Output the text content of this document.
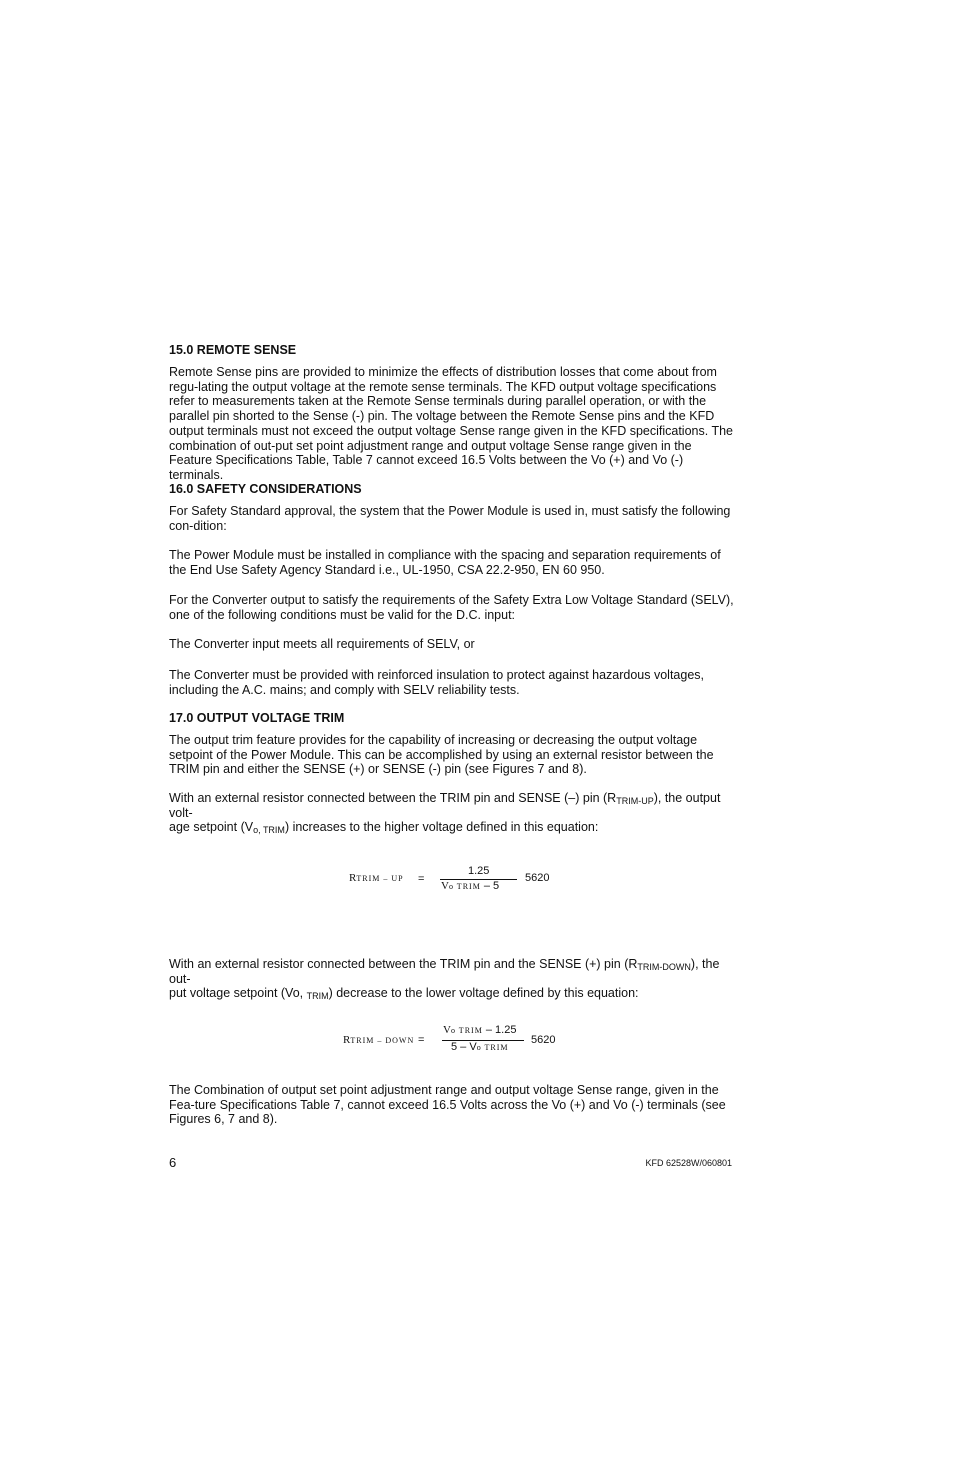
15.0 REMOTE SENSE

Remote Sense pins are provided to minimize the effects of distribution losses that come about from regu-lating the output voltage at the remote sense terminals. The KFD output voltage specifications refer to measurements taken at the Remote Sense terminals during parallel operation, or with the parallel pin shorted to the Sense (-) pin. The voltage between the Remote Sense pins and the KFD output terminals must not exceed the output voltage Sense range given in the KFD specifications. The combination of out-put set point adjustment range and output voltage Sense range given in the Feature Specifications Table, Table 7 cannot exceed 16.5 Volts between the Vo (+) and Vo (-) terminals.

16.0 SAFETY CONSIDERATIONS

For Safety Standard approval, the system that the Power Module is used in, must satisfy the following con-dition:

The Power Module must be installed in compliance with the spacing and separation requirements of the End Use Safety Agency Standard i.e., UL-1950, CSA 22.2-950, EN 60 950.

For the Converter output to satisfy the requirements of the Safety Extra Low Voltage Standard (SELV), one of the following conditions must be valid for the D.C. input:

The Converter input meets all requirements of SELV, or

The Converter must be provided with reinforced insulation to protect against hazardous voltages, including the A.C. mains; and comply with SELV reliability tests.

17.0 OUTPUT VOLTAGE TRIM

The output trim feature provides for the capability of increasing or decreasing the output voltage setpoint of the Power Module. This can be accomplished by using an external resistor between the TRIM pin and either the SENSE (+) or SENSE (-) pin (see Figures 7 and 8).

With an external resistor connected between the TRIM pin and SENSE (–) pin $(R_{TRIM-UP})$, the output volt-
age setpoint $(V_{o, TRIM})$ increases to the higher voltage defined in this equation:

RTRIM – UP =
1.25
Vo TRIM – 5
5620

With an external resistor connected between the TRIM pin and the SENSE (+) pin $(R_{TRIM-DOWN})$, the out-
put voltage setpoint (Vo, $_{TRIM}$) decrease to the lower voltage defined by this equation:

RTRIM – DOWN =
Vo TRIM – 1.25
5 – Vo TRIM
5620

The Combination of output set point adjustment range and output voltage Sense range, given in the Fea-ture Specifications Table 7, cannot exceed 16.5 Volts across the Vo (+) and Vo (-) terminals (see Figures 6, 7 and 8).

6	KFD 62528W/060801
